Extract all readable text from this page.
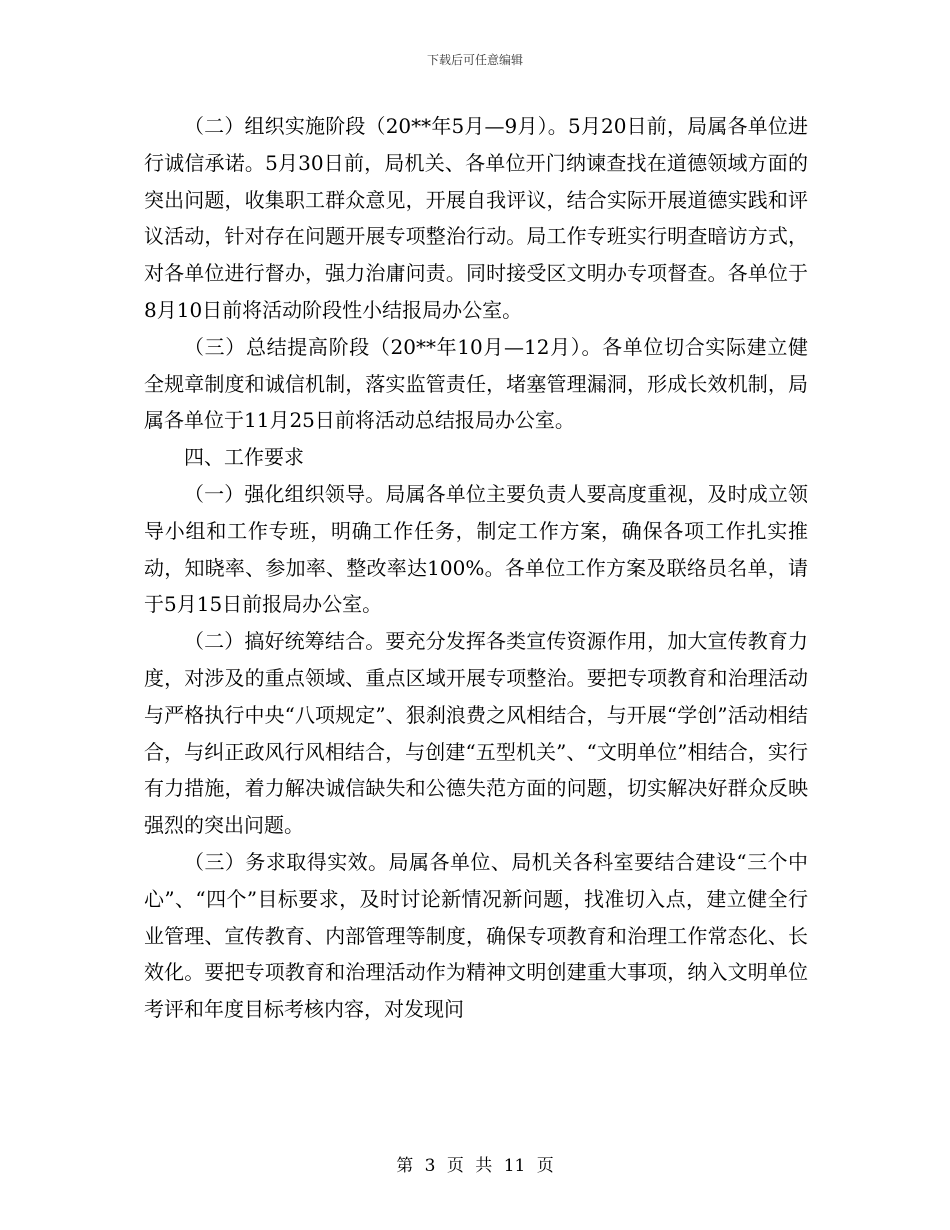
下载后可任意编辑

（二）组织实施阶段（20**年5月—9月）。5月20日前，局属各单位进行诚信承诺。5月30日前，局机关、各单位开门纳谏查找在道德领域方面的突出问题，收集职工群众意见，开展自我评议，结合实际开展道德实践和评议活动，针对存在问题开展专项整治行动。局工作专班实行明查暗访方式，对各单位进行督办，强力治庸问责。同时接受区文明办专项督查。各单位于8月10日前将活动阶段性小结报局办公室。

（三）总结提高阶段（20**年10月—12月）。各单位切合实际建立健全规章制度和诚信机制，落实监管责任，堵塞管理漏洞，形成长效机制，局属各单位于11月25日前将活动总结报局办公室。

四、工作要求

（一）强化组织领导。局属各单位主要负责人要高度重视，及时成立领导小组和工作专班，明确工作任务，制定工作方案，确保各项工作扎实推动，知晓率、参加率、整改率达100%。各单位工作方案及联络员名单，请于5月15日前报局办公室。

（二）搞好统筹结合。要充分发挥各类宣传资源作用，加大宣传教育力度，对涉及的重点领域、重点区域开展专项整治。要把专项教育和治理活动与严格执行中央“八项规定”、狠刹浪费之风相结合，与开展“学创”活动相结合，与纠正政风行风相结合，与创建“五型机关”、“文明单位”相结合，实行有力措施，着力解决诚信缺失和公德失范方面的问题，切实解决好群众反映强烈的突出问题。

（三）务求取得实效。局属各单位、局机关各科室要结合建设“三个中心”、“四个”目标要求，及时讨论新情况新问题，找准切入点，建立健全行业管理、宣传教育、内部管理等制度，确保专项教育和治理工作常态化、长效化。要把专项教育和治理活动作为精神文明创建重大事项，纳入文明单位考评和年度目标考核内容，对发现问

第 3 页 共 11 页
